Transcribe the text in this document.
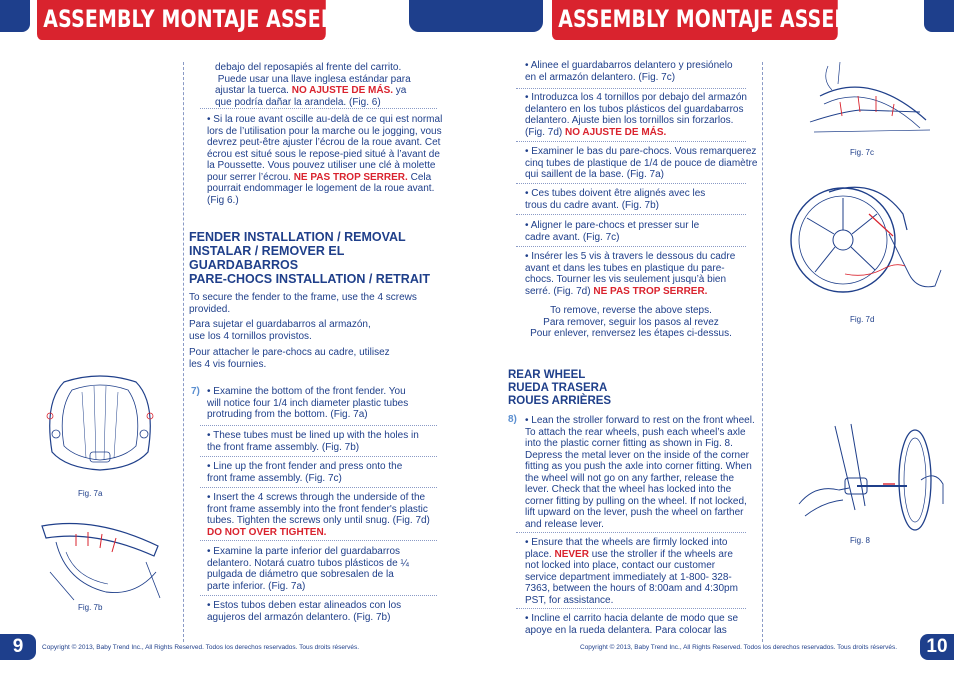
ASSEMBLY MONTAJE ASSEMBLEE	ASSEMBLY MONTAJE ASSEMBLEE
debajo del reposapiés al frente del carrito.
Puede usar una llave inglesa estándar para
ajustar la tuerca. NO AJUSTE DE MÁS. ya
que podría dañar la arandela. (Fig. 6)
• Si la roue avant oscille au-delà de ce qui est normal lors de l’utilisation pour la marche ou le jogging, vous devrez peut-être ajuster l’écrou de la roue avant. Cet écrou est situé sous le repose-pied situé à l’avant de la Poussette. Vous pouvez utiliser une clé à molette pour serrer l’écrou. NE PAS TROP SERRER. Cela pourrait endommager le logement de la roue avant. (Fig 6.)
FENDER INSTALLATION / REMOVAL
INSTALAR / REMOVER EL
GUARDABARROS
PARE-CHOCS INSTALLATION / RETRAIT
To secure the fender to the frame, use the 4 screws provided.
Para sujetar el guardabarros al armazón, use los 4 tornillos provistos.
Pour attacher le pare-chocs au cadre, utilisez les 4 vis fournies.
7) • Examine the bottom of the front fender. You will notice four 1/4 inch diameter plastic tubes protruding from the bottom. (Fig. 7a)
• These tubes must be lined up with the holes in the front frame assembly. (Fig. 7b)
• Line up the front fender and press onto the front frame assembly. (Fig. 7c)
• Insert the 4 screws through the underside of the front frame assembly into the front fender's plastic tubes. Tighten the screws only until snug. (Fig. 7d) DO NOT OVER TIGHTEN.
• Examine la parte inferior del guardabarros delantero. Notará cuatro tubos plásticos de ¼ pulgada de diámetro que sobresalen de la parte inferior. (Fig. 7a)
• Estos tubos deben estar alineados con los agujeros del armazón delantero. (Fig. 7b)
Fig. 7a
Fig. 7b
9	Copyright © 2013, Baby Trend Inc., All Rights Reserved. Todos los derechos reservados. Tous droits réservés.
• Alinee el guardabarros delantero y presiónelo en el armazón delantero. (Fig. 7c)
• Introduzca los 4 tornillos por debajo del armazón delantero en los tubos plásticos del guardabarros delantero. Ajuste bien los tornillos sin forzarlos. (Fig. 7d) NO AJUSTE DE MÁS.
• Examiner le bas du pare-chocs. Vous remarquerez cinq tubes de plastique de 1/4 de pouce de diamètre qui saillent de la base. (Fig. 7a)
• Ces tubes doivent être alignés avec les trous du cadre avant. (Fig. 7b)
• Aligner le pare-chocs et presser sur le cadre avant. (Fig. 7c)
• Insérer les 5 vis à travers le dessous du cadre avant et dans les tubes en plastique du pare-chocs. Tourner les vis seulement jusqu’à bien serré. (Fig. 7d) NE PAS TROP SERRER.
To remove, reverse the above steps.
Para remover, seguir los pasos al revez
Pour enlever, renversez les étapes ci-dessus.
REAR WHEEL
RUEDA TRASERA
ROUES ARRIÈRES
8) • Lean the stroller forward to rest on the front wheel. To attach the rear wheels, push each wheel’s axle into the plastic corner fitting as shown in Fig. 8. Depress the metal lever on the inside of the corner fitting as you push the axle into corner fitting. When the wheel will not go on any farther, release the lever. Check that the wheel has locked into the corner fitting by pulling on the wheel. If not locked, lift upward on the lever, push the wheel on farther and release lever.
• Ensure that the wheels are firmly locked into place. NEVER use the stroller if the wheels are not locked into place, contact our customer service department immediately at 1-800- 328-7363, between the hours of 8:00am and 4:30pm PST, for assistance.
• Incline el carrito hacia delante de modo que se apoye en la rueda delantera. Para colocar las
Fig. 7c
Fig. 7d
Fig. 8
Copyright © 2013, Baby Trend Inc., All Rights Reserved. Todos los derechos reservados. Tous droits réservés.	10
